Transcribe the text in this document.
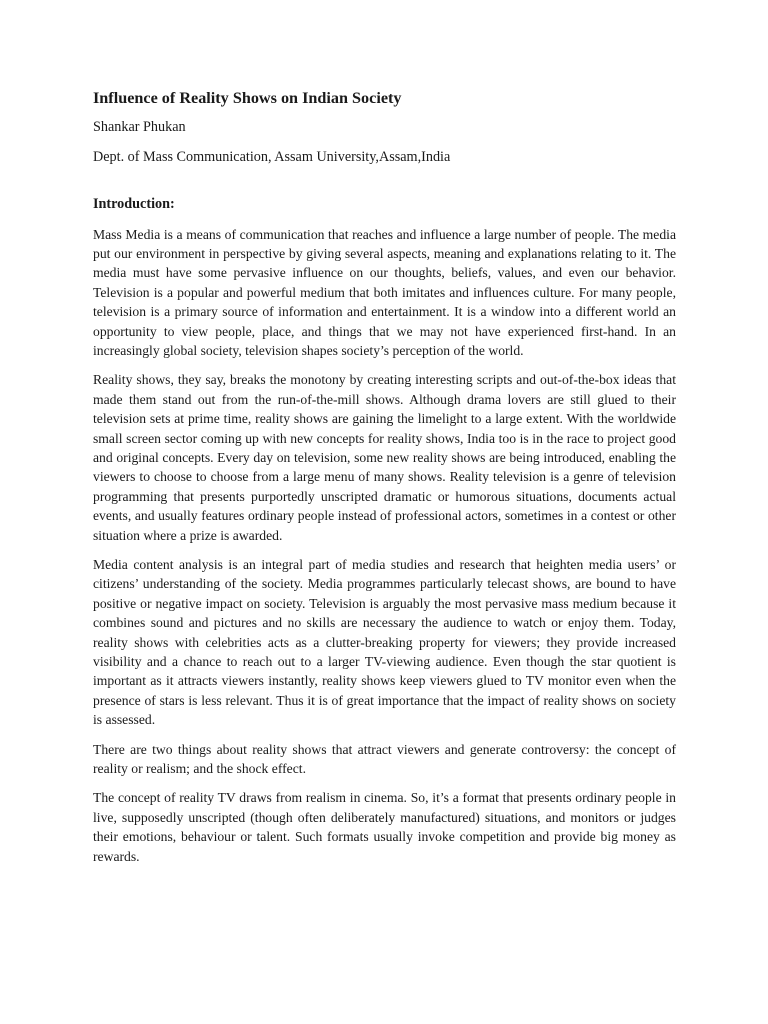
Influence of Reality Shows on Indian Society
Shankar Phukan
Dept. of Mass Communication, Assam University,Assam,India
Introduction:

Mass Media is a means of communication that reaches and influence a large number of people. The media put our environment in perspective by giving several aspects, meaning and explanations relating to it. The media must have some pervasive influence on our thoughts, beliefs, values, and even our behavior. Television is a popular and powerful medium that both imitates and influences culture. For many people, television is a primary source of information and entertainment. It is a window into a different world an opportunity to view people, place, and things that we may not have experienced first-hand. In an increasingly global society, television shapes society’s perception of the world.

Reality shows, they say, breaks the monotony by creating interesting scripts and out-of-the-box ideas that made them stand out from the run-of-the-mill shows. Although drama lovers are still glued to their television sets at prime time, reality shows are gaining the limelight to a large extent. With the worldwide small screen sector coming up with new concepts for reality shows, India too is in the race to project good and original concepts. Every day on television, some new reality shows are being introduced, enabling the viewers to choose to choose from a large menu of many shows. Reality television is a genre of television programming that presents purportedly unscripted dramatic or humorous situations, documents actual events, and usually features ordinary people instead of professional actors, sometimes in a contest or other situation where a prize is awarded.

Media content analysis is an integral part of media studies and research that heighten media users’ or citizens’ understanding of the society. Media programmes particularly telecast shows, are bound to have positive or negative impact on society. Television is arguably the most pervasive mass medium because it combines sound and pictures and no skills are necessary the audience to watch or enjoy them. Today, reality shows with celebrities acts as a clutter-breaking property for viewers; they provide increased visibility and a chance to reach out to a larger TV-viewing audience. Even though the star quotient is important as it attracts viewers instantly, reality shows keep viewers glued to TV monitor even when the presence of stars is less relevant. Thus it is of great importance that the impact of reality shows on society is assessed.

There are two things about reality shows that attract viewers and generate controversy: the concept of reality or realism; and the shock effect.

The concept of reality TV draws from realism in cinema. So, it’s a format that presents ordinary people in live, supposedly unscripted (though often deliberately manufactured) situations, and monitors or judges their emotions, behaviour or talent. Such formats usually invoke competition and provide big money as rewards.
